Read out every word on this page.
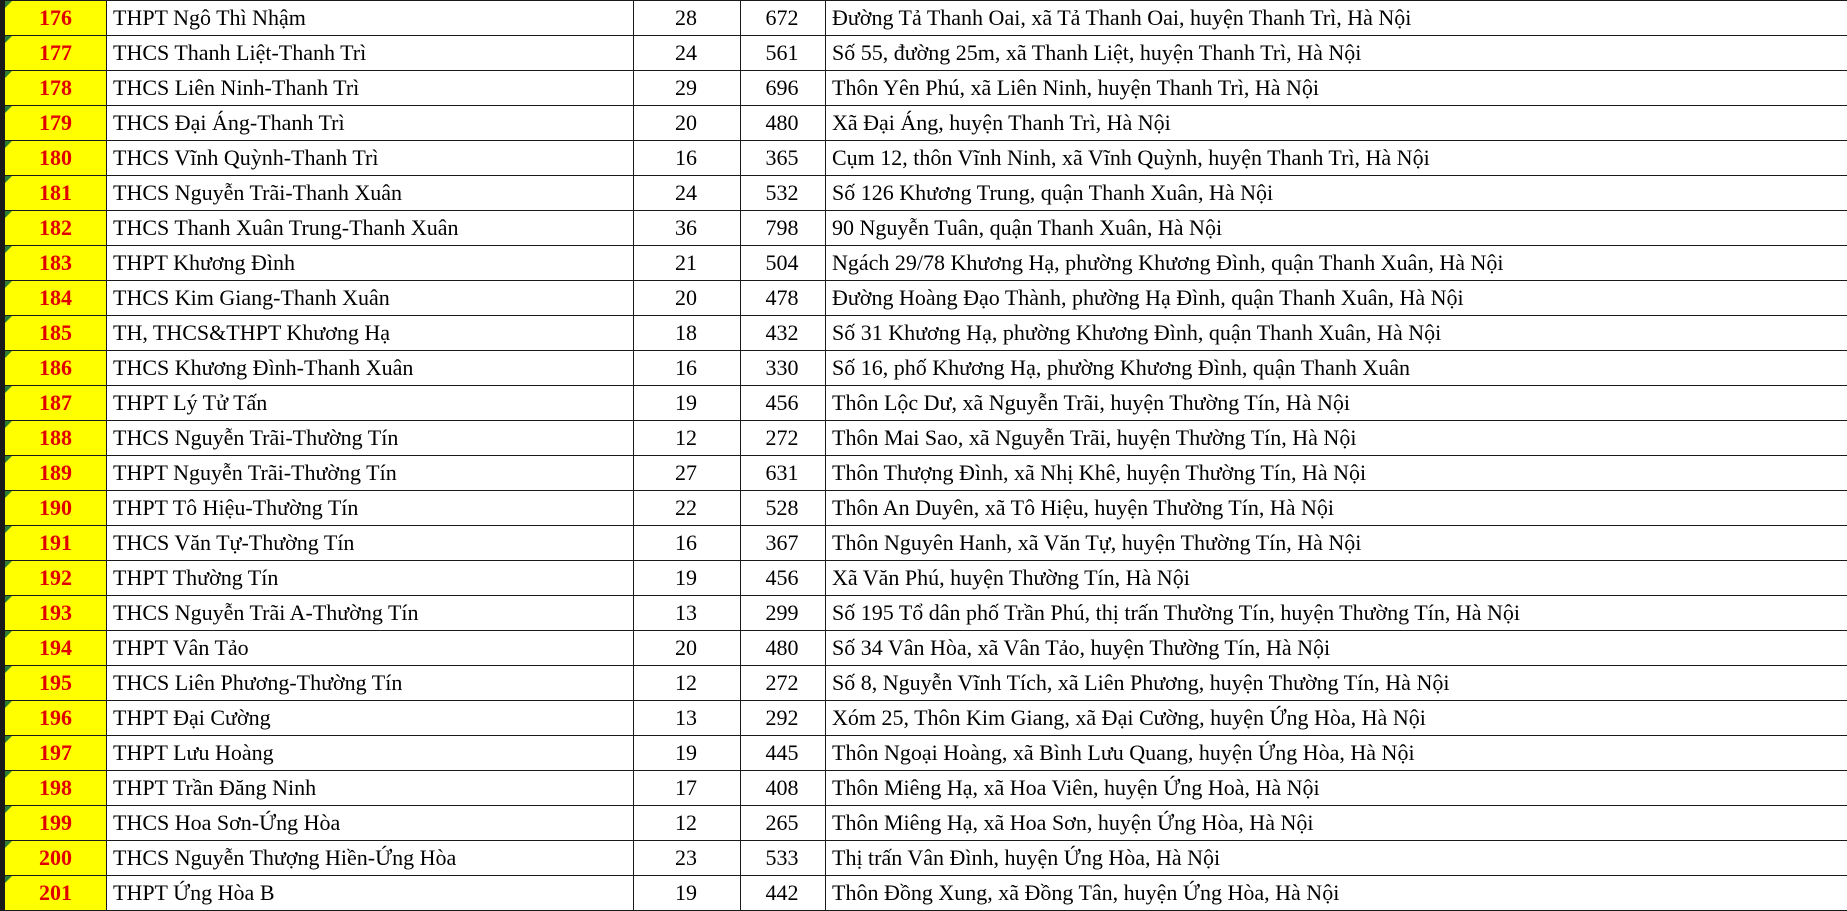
176	THPT Ngô Thì Nhậm	28	672	Đường Tả Thanh Oai, xã Tả Thanh Oai, huyện Thanh Trì, Hà Nội
177	THCS Thanh Liệt-Thanh Trì	24	561	Số 55, đường 25m, xã Thanh Liệt, huyện Thanh Trì, Hà Nội
178	THCS Liên Ninh-Thanh Trì	29	696	Thôn Yên Phú, xã Liên Ninh, huyện Thanh Trì, Hà Nội
179	THCS Đại Áng-Thanh Trì	20	480	Xã Đại Áng, huyện Thanh Trì, Hà Nội
180	THCS Vĩnh Quỳnh-Thanh Trì	16	365	Cụm 12, thôn Vĩnh Ninh, xã Vĩnh Quỳnh, huyện Thanh Trì, Hà Nội
181	THCS Nguyễn Trãi-Thanh Xuân	24	532	Số 126 Khương Trung, quận Thanh Xuân, Hà Nội
182	THCS Thanh Xuân Trung-Thanh Xuân	36	798	90 Nguyễn Tuân, quận Thanh Xuân, Hà Nội
183	THPT Khương Đình	21	504	Ngách 29/78 Khương Hạ, phường Khương Đình, quận Thanh Xuân, Hà Nội
184	THCS Kim Giang-Thanh Xuân	20	478	Đường Hoàng Đạo Thành, phường Hạ Đình, quận Thanh Xuân, Hà Nội
185	TH, THCS&THPT Khương Hạ	18	432	Số 31 Khương Hạ, phường Khương Đình, quận Thanh Xuân, Hà Nội
186	THCS Khương Đình-Thanh Xuân	16	330	Số 16, phố Khương Hạ, phường Khương Đình, quận Thanh Xuân
187	THPT Lý Tử Tấn	19	456	Thôn Lộc Dư, xã Nguyễn Trãi, huyện Thường Tín, Hà Nội
188	THCS Nguyễn Trãi-Thường Tín	12	272	Thôn Mai Sao, xã Nguyễn Trãi, huyện Thường Tín, Hà Nội
189	THPT Nguyễn Trãi-Thường Tín	27	631	Thôn Thượng Đình, xã Nhị Khê, huyện Thường Tín, Hà Nội
190	THPT Tô Hiệu-Thường Tín	22	528	Thôn An Duyên, xã Tô Hiệu, huyện Thường Tín, Hà Nội
191	THCS Văn Tự-Thường Tín	16	367	Thôn Nguyên Hanh, xã Văn Tự, huyện Thường Tín, Hà Nội
192	THPT Thường Tín	19	456	Xã Văn Phú, huyện Thường Tín, Hà Nội
193	THCS Nguyễn Trãi A-Thường Tín	13	299	Số 195 Tổ dân phố Trần Phú, thị trấn Thường Tín, huyện Thường Tín, Hà Nội
194	THPT Vân Tảo	20	480	Số 34 Vân Hòa, xã Vân Tảo, huyện Thường Tín, Hà Nội
195	THCS Liên Phương-Thường Tín	12	272	Số 8, Nguyễn Vĩnh Tích, xã Liên Phương, huyện Thường Tín, Hà Nội
196	THPT Đại Cường	13	292	Xóm 25, Thôn Kim Giang, xã Đại Cường, huyện Ứng Hòa, Hà Nội
197	THPT Lưu Hoàng	19	445	Thôn Ngoại Hoàng, xã Bình Lưu Quang, huyện Ứng Hòa, Hà Nội
198	THPT Trần Đăng Ninh	17	408	Thôn Miêng Hạ, xã Hoa Viên, huyện Ứng Hoà, Hà Nội
199	THCS Hoa Sơn-Ứng Hòa	12	265	Thôn Miêng Hạ, xã Hoa Sơn, huyện Ứng Hòa, Hà Nội
200	THCS Nguyễn Thượng Hiền-Ứng Hòa	23	533	Thị trấn Vân Đình, huyện Ứng Hòa, Hà Nội
201	THPT Ứng Hòa B	19	442	Thôn Đồng Xung, xã Đồng Tân, huyện Ứng Hòa, Hà Nội
